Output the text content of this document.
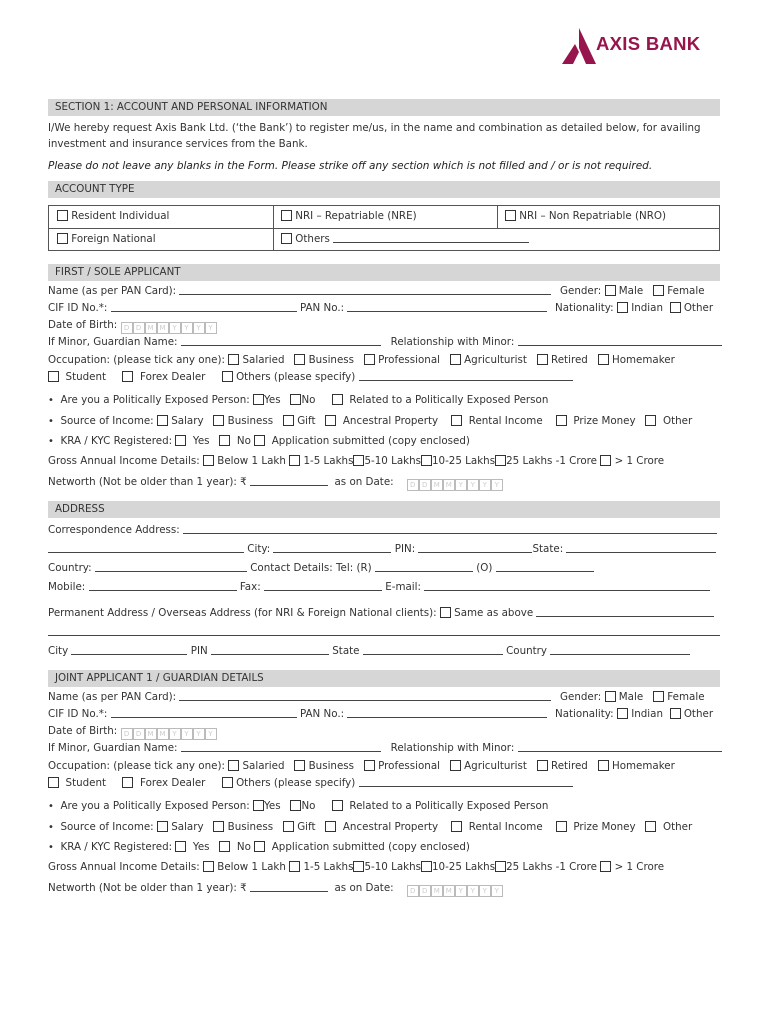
AXIS BANK
SECTION 1: ACCOUNT AND PERSONAL INFORMATION
I/We hereby request Axis Bank Ltd. (‘the Bank’) to register me/us, in the name and combination as detailed below, for availing
investment and insurance services from the Bank.
Please do not leave any blanks in the Form. Please strike off any section which is not filled and / or is not required.
ACCOUNT TYPE
Resident Individual	NRI – Repatriable (NRE)	NRI – Non Repatriable (NRO)
Foreign National	Others
FIRST / SOLE APPLICANT
Name (as per PAN Card):	Gender: Male Female
CIF ID No.*:	PAN No.:	Nationality: Indian Other
Date of Birth: D D M M Y Y Y Y
If Minor, Guardian Name:	Relationship with Minor:
Occupation: (please tick any one): Salaried Business Professional Agriculturist Retired Homemaker
Student	Forex Dealer	Others (please specify)
• Are you a Politically Exposed Person: Yes No	Related to a Politically Exposed Person
• Source of Income: Salary Business Gift	Ancestral Property	Rental Income	Prize Money	Other
• KRA / KYC Registered: Yes	No Application submitted (copy enclosed)
Gross Annual Income Details: Below 1 Lakh 1-5 Lakhs 5-10 Lakhs 10-25 Lakhs 25 Lakhs -1 Crore > 1 Crore
Networth (Not be older than 1 year): ₹	as on Date: D D M M Y Y Y Y
ADDRESS
Correspondence Address:
City:	PIN:	State:
Country:	Contact Details: Tel: (R)	(O)
Mobile:	Fax:	E-mail:
Permanent Address / Overseas Address (for NRI & Foreign National clients): Same as above
City	PIN	State	Country
JOINT APPLICANT 1 / GUARDIAN DETAILS
Name (as per PAN Card):	Gender: Male Female
CIF ID No.*:	PAN No.:	Nationality: Indian Other
Date of Birth: D D M M Y Y Y Y
If Minor, Guardian Name:	Relationship with Minor:
Occupation: (please tick any one): Salaried Business Professional Agriculturist Retired Homemaker
Student	Forex Dealer	Others (please specify)
• Are you a Politically Exposed Person: Yes No	Related to a Politically Exposed Person
• Source of Income: Salary Business Gift	Ancestral Property	Rental Income	Prize Money	Other
• KRA / KYC Registered: Yes	No Application submitted (copy enclosed)
Gross Annual Income Details: Below 1 Lakh 1-5 Lakhs 5-10 Lakhs 10-25 Lakhs 25 Lakhs -1 Crore > 1 Crore
Networth (Not be older than 1 year): ₹	as on Date: D D M M Y Y Y Y
